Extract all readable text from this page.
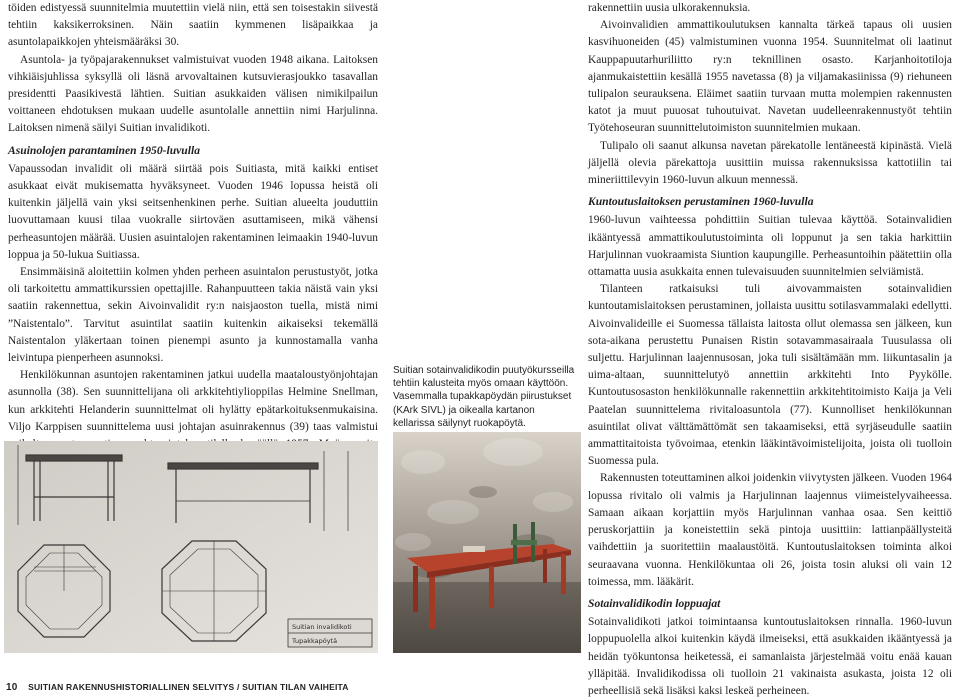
töiden edistyessä suunnitelmia muutettiin vielä niin, että sen toisestakin siivestä tehtiin kaksikerroksinen. Näin saatiin kymmenen lisäpaikkaa ja asuntolapaikkojen yhteismääräksi 30.

Asuntola- ja työpajarakennukset valmistuivat vuoden 1948 aikana. Laitoksen vihkiäisjuhlissa syksyllä oli läsnä arvovaltainen kutsuvierasjoukko tasavallan presidentti Paasikivestä lähtien. Suitian asukkaiden välisen nimikilpailun voittaneen ehdotuksen mukaan uudelle asuntolalle annettiin nimi Harjulinna. Laitoksen nimenä säilyi Suitian invalidikoti.

Asuinolojen parantaminen 1950-luvulla

Vapaussodan invalidit oli määrä siirtää pois Suitiasta, mitä kaikki entiset asukkaat eivät mukisematta hyväksyneet. Vuoden 1946 lopussa heistä oli kuitenkin jäljellä vain yksi seitsenhenkinen perhe. Suitian alueelta jouduttiin luovuttamaan kuusi tilaa vuokralle siirtoväen asuttamiseen, mikä vähensi perheasuntojen määrää. Uusien asuintalojen rakentaminen leimaakin 1940-luvun loppua ja 50-lukua Suitiassa.

Ensimmäisinä aloitettiin kolmen yhden perheen asuintalon perustustyöt, jotka oli tarkoitettu ammattikurssien opettajille. Rahanpuutteen takia näistä vain yksi saatiin rakennettua, sekin Aivoinvalidit ry:n naisjaoston tuella, mistä nimi ”Naistentalo”. Tarvitut asuintilat saatiin kuitenkin aikaiseksi tekemällä Naistentalon yläkertaan toinen pienempi asunto ja kunnostamalla vanha leivintupa pienperheen asunnoksi.

Henkilökunnan asuntojen rakentaminen jatkui uudella maataloustyönjohtajan asunnolla (38). Sen suunnittelijana oli arkkitehtiylioppilas Helmine Snellman, kun arkkitehti Helanderin suunnittelmat oli hylätty epätarkoituksenmukaisina. Viljo Karppisen suunnittelema uusi johtajan asuinrakennus (39) taas valmistui

Suitian invalidikoti
Tupakkapöytä
Suitian sotainvalidikodin puutyökursseilla tehtiin kalusteita myös omaan käyttöön. Vasemmalla tupakkapöydän piirustukset (KArk SIVL) ja oikealla kartanon kellarissa säilynyt ruokapöytä.

rakennettiin uusia ulkorakennuksia.

Aivoinvalidien ammattikoulutuksen kannalta tärkeä tapaus oli uusien kasvihuoneiden (45) valmistuminen vuonna 1954. Suunnitelmat oli laatinut Kauppapuutarhuriliitto ry:n teknillinen osasto. Karjanhoitotiloja ajanmukaistettiin kesällä 1955 navetassa (8) ja viljamakasiinissa (9) riehuneen tulipalon seurauksena. Eläimet saatiin turvaan mutta molempien rakennusten katot ja muut puuosat tuhoutuivat. Navetan uudelleenrakennustyöt tehtiin Työtehoseuran suunnittelutoimiston suunnitelmien mukaan.

Tulipalo oli saanut alkunsa navetan pärekatolle lentäneestä kipinästä. Vielä jäljellä olevia pärekattoja uusittiin muissa rakennuksissa kattotiilin tai mineriittilevyin 1960-luvun alkuun mennessä.

Kuntoutuslaitoksen perustaminen 1960-luvulla

1960-luvun vaihteessa pohdittiin Suitian tulevaa käyttöä. Sotainvalidien ikääntyessä ammattikoulutustoiminta oli loppunut ja sen takia harkittiin Harjulinnan vuokraamista Siuntion kaupungille. Perheasuntoihin päätettiin olla ottamatta uusia asukkaita ennen tulevaisuuden suunnitelmien selviämistä.

Tilanteen ratkaisuksi tuli aivovammaisten sotainvalidien kuntoutamislaitoksen perustaminen, jollaista uusittu sotilasvammalaki edellytti. Aivoinvalideille ei Suomessa tällaista laitosta ollut olemassa sen jälkeen, kun sota-aikana perustettu Punaisen Ristin sotavammasairaala Tuusulassa oli suljettu. Harjulinnan laajennusosan, joka tuli sisältämään mm. liikuntasalin ja uima-altaan, suunnittelutyö annettiin arkkitehti Into Pyykölle. Kuntoutusosaston henkilökunnalle rakennettiin arkkitehtitoimisto Kaija ja Veli Paatelan suunnittelema rivitaloasuntola (77). Kunnolliset henkilökunnan asuintilat olivat välttämättömät sen takaamiseksi, että syrjäseudulle saatiin ammattitaitoista työvoimaa, etenkin lääkintävoimistelijoita, joista oli tuolloin Suomessa pula.

Rakennusten toteuttaminen alkoi joidenkin viivytysten jälkeen. Vuoden 1964 lopussa rivitalo oli valmis ja Harjulinnan laajennus viimeistelyvaiheessa. Samaan aikaan korjattiin myös Harjulinnan vanhaa osaa. Sen keittiö peruskorjattiin ja koneistettiin sekä pintoja uusittiin: lattianpäällysteitä vaihdettiin ja suoritettiin maalaustöitä. Kuntoutuslaitoksen toiminta alkoi seuraavana vuonna. Henkilökuntaa oli 26, joista tosin aluksi oli vain 12 toimessa, mm. lääkärit.

Sotainvalidikodin loppuajat

Sotainvalidikoti jatkoi toimintaansa kuntoutuslaitoksen rinnalla. 1960-luvun loppupuolella alkoi kuitenkin käydä ilmeiseksi, että asukkaiden ikääntyessä ja heidän työkuntonsa heiketessä, ei samanlaista järjestelmää voitu enää kauan ylläpitää. Invalidikodissa oli tuolloin 21 vakinaista asukasta, joista 12 oli perheellisiä sekä lisäksi kaksi leskeä perheineen.

10 SUITIAN RAKENNUSHISTORIALLINEN SELVITYS / SUITIAN TILAN VAIHEITA
